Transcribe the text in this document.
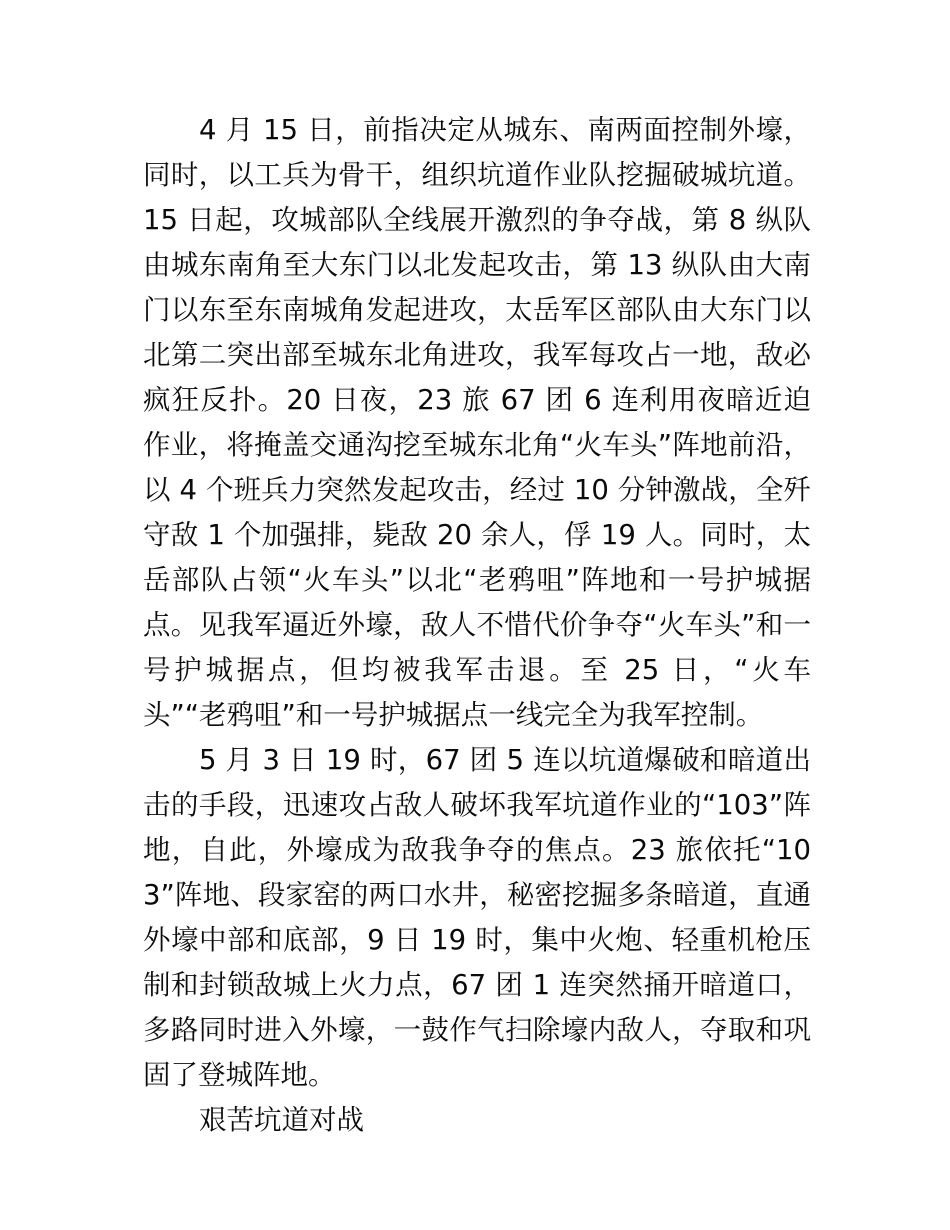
4 月 15 日，前指决定从城东、南两面控制外壕，同时，以工兵为骨干，组织坑道作业队挖掘破城坑道。15 日起，攻城部队全线展开激烈的争夺战，第 8 纵队由城东南角至大东门以北发起攻击，第 13 纵队由大南门以东至东南城角发起进攻，太岳军区部队由大东门以北第二突出部至城东北角进攻，我军每攻占一地，敌必疯狂反扑。20 日夜，23 旅 67 团 6 连利用夜暗近迫作业，将掩盖交通沟挖至城东北角“火车头”阵地前沿，以 4 个班兵力突然发起攻击，经过 10 分钟激战，全歼守敌 1 个加强排，毙敌 20 余人，俘 19 人。同时，太岳部队占领“火车头”以北“老鸦咀”阵地和一号护城据点。见我军逼近外壕，敌人不惜代价争夺“火车头”和一号护城据点，但均被我军击退。至 25 日，“火车头”“老鸦咀”和一号护城据点一线完全为我军控制。

5 月 3 日 19 时，67 团 5 连以坑道爆破和暗道出击的手段，迅速攻占敌人破坏我军坑道作业的“103”阵地，自此，外壕成为敌我争夺的焦点。23 旅依托“103”阵地、段家窑的两口水井，秘密挖掘多条暗道，直通外壕中部和底部，9 日 19 时，集中火炮、轻重机枪压制和封锁敌城上火力点，67 团 1 连突然捅开暗道口，多路同时进入外壕，一鼓作气扫除壕内敌人，夺取和巩固了登城阵地。

艰苦坑道对战
